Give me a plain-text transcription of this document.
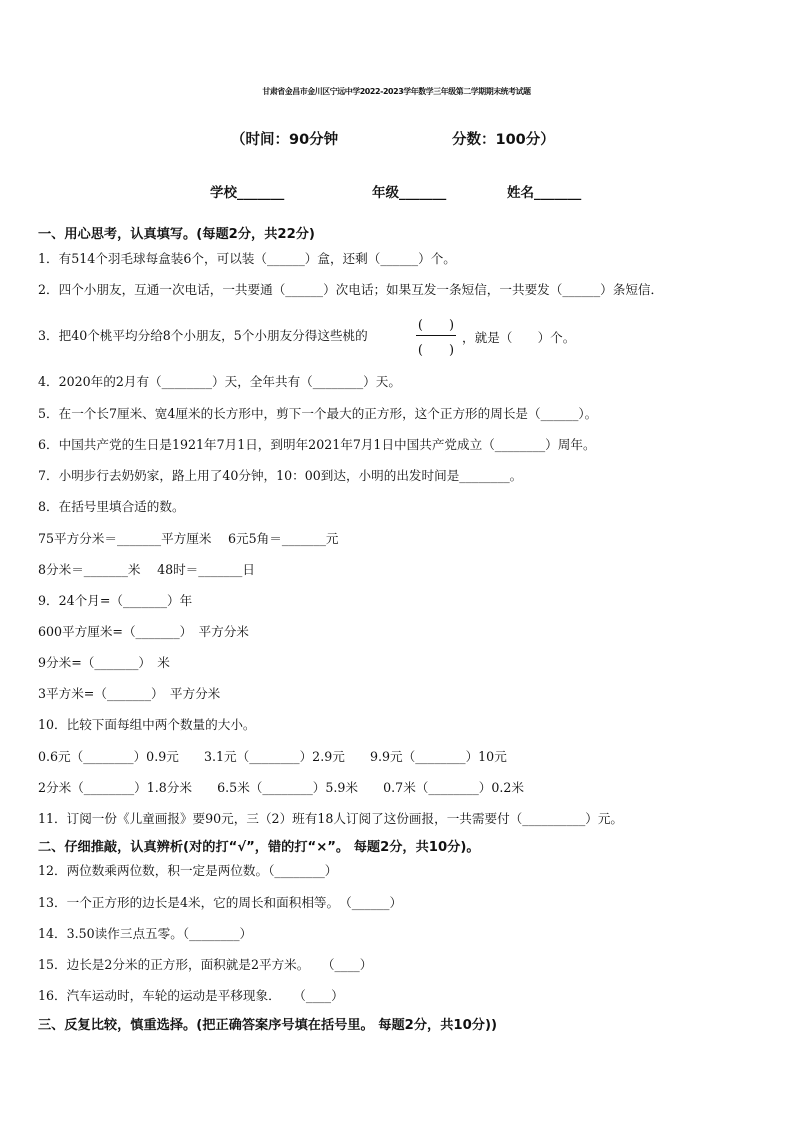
甘肃省金昌市金川区宁远中学2022-2023学年数学三年级第二学期期末统考试题
（时间：90分钟	分数：100分）
学校_______	年级_______	姓名_______
一、用心思考，认真填写。(每题2分，共22分)
1．有514个羽毛球每盒装6个，可以装（______）盒，还剩（______）个。
2．四个小朋友，互通一次电话，一共要通（______）次电话；如果互发一条短信，一共要发（______）条短信．
3．把40个桃平均分给8个小朋友，5个小朋友分得这些桃的
(　　)
(　　)
，就是（　　）个。
4．2020年的2月有（________）天，全年共有（________）天。
5．在一个长7厘米、宽4厘米的长方形中，剪下一个最大的正方形，这个正方形的周长是（______）。
6．中国共产党的生日是1921年7月1日，到明年2021年7月1日中国共产党成立（________）周年。
7．小明步行去奶奶家，路上用了40分钟，10：00到达，小明的出发时间是________。
8．在括号里填合适的数。
75平方分米＝_______平方厘米　 6元5角＝_______元
8分米＝_______米　 48时＝_______日
9．24个月=（_______）年
600平方厘米=（_______）　平方分米
9分米=（_______）　米
3平方米=（_______）　平方分米
10．比较下面每组中两个数量的大小。
0.6元（________）0.9元　　3.1元（________）2.9元　　9.9元（________）10元
2分米（________）1.8分米　　6.5米（________）5.9米　　0.7米（________）0.2米
11．订阅一份《儿童画报》要90元，三（2）班有18人订阅了这份画报，一共需要付（__________）元。
二、仔细推敲，认真辨析(对的打“√”，错的打“×”。 每题2分，共10分)。
12．两位数乘两位数，积一定是两位数。（________）
13．一个正方形的边长是4米，它的周长和面积相等。　（______）
14．3.50读作三点五零。（________）
15．边长是2分米的正方形，面积就是2平方米。　　（____）
16．汽车运动时，车轮的运动是平移现象．　　（____）
三、反复比较，慎重选择。(把正确答案序号填在括号里。 每题2分，共10分))
